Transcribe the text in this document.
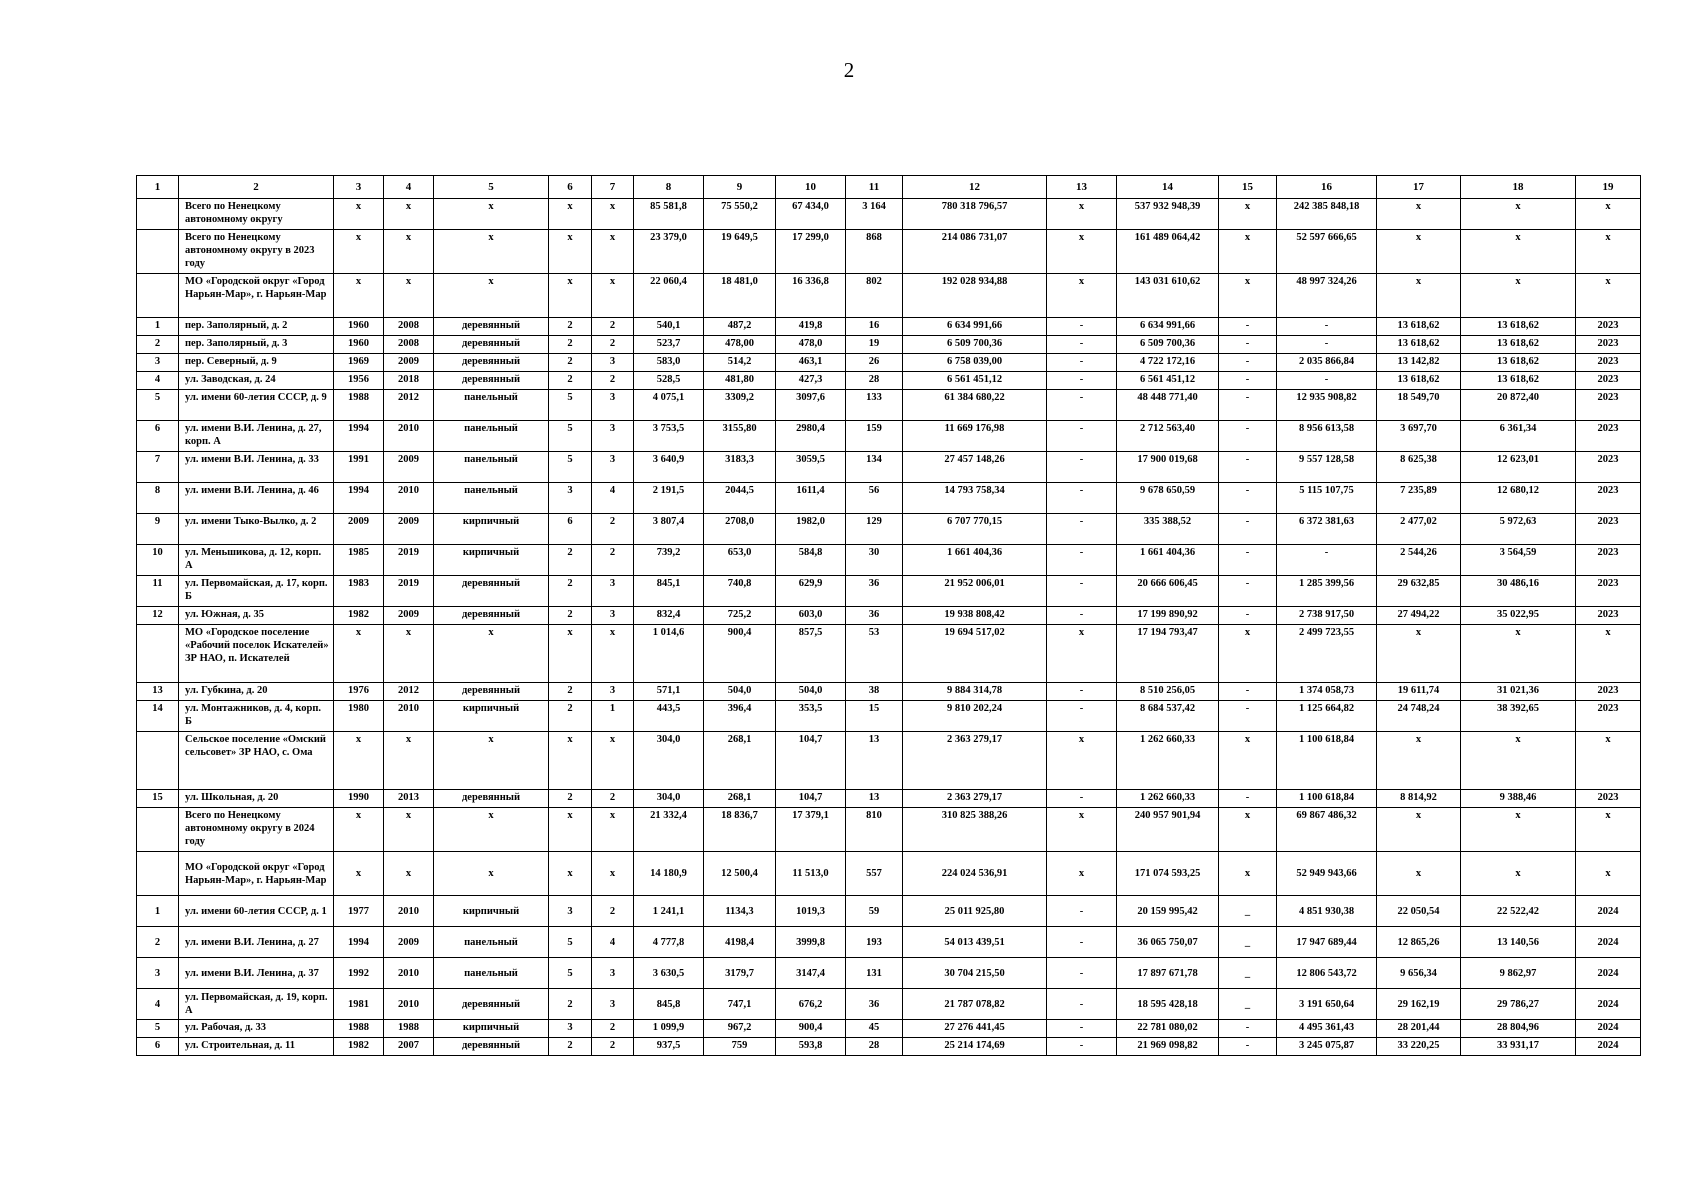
2
1	2	3	4	5	6	7	8	9	10	11	12	13	14	15	16	17	18	19
	Всего по Ненецкому автономному округу	x	x	x	x	x	85 581,8	75 550,2	67 434,0	3 164	780 318 796,57	x	537 932 948,39	x	242 385 848,18	x	x	x
	Всего по Ненецкому автономному округу в 2023 году	x	x	x	x	x	23 379,0	19 649,5	17 299,0	868	214 086 731,07	x	161 489 064,42	x	52 597 666,65	x	x	x
	МО «Городской округ «Город Нарьян-Мар», г. Нарьян-Мар	x	x	x	x	x	22 060,4	18 481,0	16 336,8	802	192 028 934,88	x	143 031 610,62	x	48 997 324,26	x	x	x
1	пер. Заполярный, д. 2	1960	2008	деревянный	2	2	540,1	487,2	419,8	16	6 634 991,66	-	6 634 991,66	-	-	13 618,62	13 618,62	2023
2	пер. Заполярный, д. 3	1960	2008	деревянный	2	2	523,7	478,00	478,0	19	6 509 700,36	-	6 509 700,36	-	-	13 618,62	13 618,62	2023
3	пер. Северный, д. 9	1969	2009	деревянный	2	3	583,0	514,2	463,1	26	6 758 039,00	-	4 722 172,16	-	2 035 866,84	13 142,82	13 618,62	2023
4	ул. Заводская, д. 24	1956	2018	деревянный	2	2	528,5	481,80	427,3	28	6 561 451,12	-	6 561 451,12	-	-	13 618,62	13 618,62	2023
5	ул. имени 60-летия СССР, д. 9	1988	2012	панельный	5	3	4 075,1	3309,2	3097,6	133	61 384 680,22	-	48 448 771,40	-	12 935 908,82	18 549,70	20 872,40	2023
6	ул. имени В.И. Ленина, д. 27, корп. А	1994	2010	панельный	5	3	3 753,5	3155,80	2980,4	159	11 669 176,98	-	2 712 563,40	-	8 956 613,58	3 697,70	6 361,34	2023
7	ул. имени В.И. Ленина, д. 33	1991	2009	панельный	5	3	3 640,9	3183,3	3059,5	134	27 457 148,26	-	17 900 019,68	-	9 557 128,58	8 625,38	12 623,01	2023
8	ул. имени В.И. Ленина, д. 46	1994	2010	панельный	3	4	2 191,5	2044,5	1611,4	56	14 793 758,34	-	9 678 650,59	-	5 115 107,75	7 235,89	12 680,12	2023
9	ул. имени Тыко-Вылко, д. 2	2009	2009	кирпичный	6	2	3 807,4	2708,0	1982,0	129	6 707 770,15	-	335 388,52	-	6 372 381,63	2 477,02	5 972,63	2023
10	ул. Меньшикова, д. 12, корп. А	1985	2019	кирпичный	2	2	739,2	653,0	584,8	30	1 661 404,36	-	1 661 404,36	-	-	2 544,26	3 564,59	2023
11	ул. Первомайская, д. 17, корп. Б	1983	2019	деревянный	2	3	845,1	740,8	629,9	36	21 952 006,01	-	20 666 606,45	-	1 285 399,56	29 632,85	30 486,16	2023
12	ул. Южная, д. 35	1982	2009	деревянный	2	3	832,4	725,2	603,0	36	19 938 808,42	-	17 199 890,92	-	2 738 917,50	27 494,22	35 022,95	2023
	МО «Городское поселение «Рабочий поселок Искателей» ЗР НАО, п. Искателей	x	x	x	x	x	1 014,6	900,4	857,5	53	19 694 517,02	x	17 194 793,47	x	2 499 723,55	x	x	x
13	ул. Губкина, д. 20	1976	2012	деревянный	2	3	571,1	504,0	504,0	38	9 884 314,78	-	8 510 256,05	-	1 374 058,73	19 611,74	31 021,36	2023
14	ул. Монтажников, д. 4, корп. Б	1980	2010	кирпичный	2	1	443,5	396,4	353,5	15	9 810 202,24	-	8 684 537,42	-	1 125 664,82	24 748,24	38 392,65	2023
	Сельское поселение «Омский сельсовет» ЗР НАО, с. Ома	x	x	x	x	x	304,0	268,1	104,7	13	2 363 279,17	x	1 262 660,33	x	1 100 618,84	x	x	x
15	ул. Школьная, д. 20	1990	2013	деревянный	2	2	304,0	268,1	104,7	13	2 363 279,17	-	1 262 660,33	-	1 100 618,84	8 814,92	9 388,46	2023
	Всего по Ненецкому автономному округу в 2024 году	x	x	x	x	x	21 332,4	18 836,7	17 379,1	810	310 825 388,26	x	240 957 901,94	x	69 867 486,32	x	x	x
	МО «Городской округ «Город Нарьян-Мар», г. Нарьян-Мар	x	x	x	x	x	14 180,9	12 500,4	11 513,0	557	224 024 536,91	x	171 074 593,25	x	52 949 943,66	x	x	x
1	ул. имени 60-летия СССР, д. 1	1977	2010	кирпичный	3	2	1 241,1	1134,3	1019,3	59	25 011 925,80	-	20 159 995,42	_	4 851 930,38	22 050,54	22 522,42	2024
2	ул. имени В.И. Ленина, д. 27	1994	2009	панельный	5	4	4 777,8	4198,4	3999,8	193	54 013 439,51	-	36 065 750,07	_	17 947 689,44	12 865,26	13 140,56	2024
3	ул. имени В.И. Ленина, д. 37	1992	2010	панельный	5	3	3 630,5	3179,7	3147,4	131	30 704 215,50	-	17 897 671,78	_	12 806 543,72	9 656,34	9 862,97	2024
4	ул. Первомайская, д. 19, корп. А	1981	2010	деревянный	2	3	845,8	747,1	676,2	36	21 787 078,82	-	18 595 428,18	_	3 191 650,64	29 162,19	29 786,27	2024
5	ул. Рабочая, д. 33	1988	1988	кирпичный	3	2	1 099,9	967,2	900,4	45	27 276 441,45	-	22 781 080,02	-	4 495 361,43	28 201,44	28 804,96	2024
6	ул. Строительная, д. 11	1982	2007	деревянный	2	2	937,5	759	593,8	28	25 214 174,69	-	21 969 098,82	-	3 245 075,87	33 220,25	33 931,17	2024
